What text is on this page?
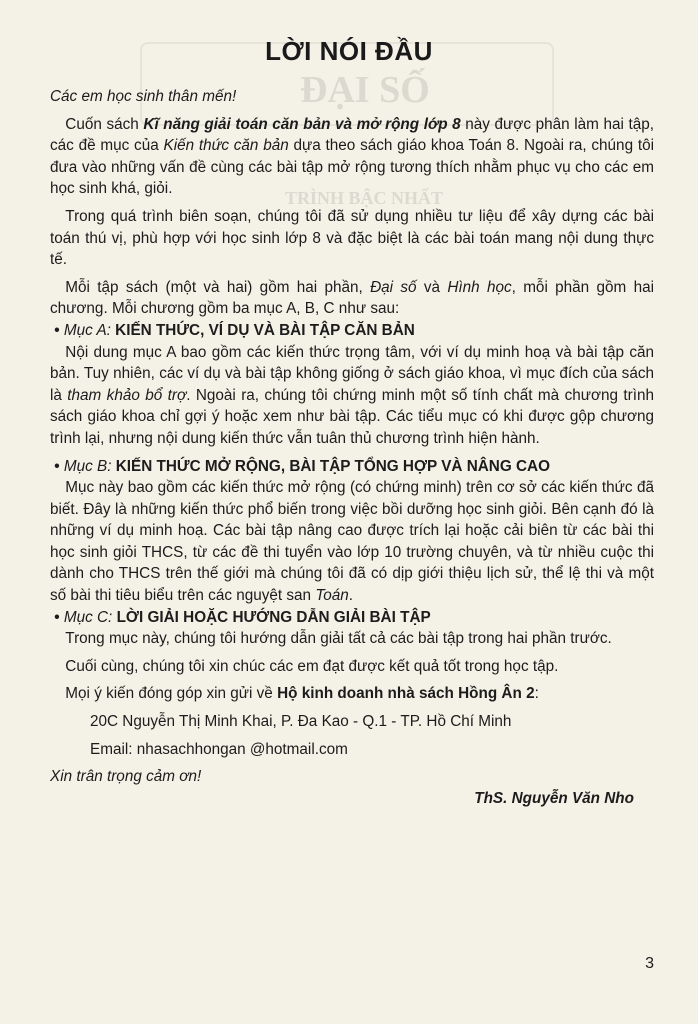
ĐẠI SỐ
TRÌNH BẬC NHẤT
LỜI NÓI ĐẦU

Các em học sinh thân mến!

 Cuốn sách Kĩ năng giải toán căn bản và mở rộng lớp 8 này được phân làm hai tập, các đề mục của Kiến thức căn bản dựa theo sách giáo khoa Toán 8. Ngoài ra, chúng tôi đưa vào những vấn đề cùng các bài tập mở rộng tương thích nhằm phục vụ cho các em học sinh khá, giỏi.

 Trong quá trình biên soạn, chúng tôi đã sử dụng nhiều tư liệu để xây dựng các bài toán thú vị, phù hợp với học sinh lớp 8 và đặc biệt là các bài toán mang nội dung thực tế.

 Mỗi tập sách (một và hai) gồm hai phần, Đại số và Hình học, mỗi phần gồm hai chương. Mỗi chương gồm ba mục A, B, C như sau:

• Mục A: KIẾN THỨC, VÍ DỤ VÀ BÀI TẬP CĂN BẢN

 Nội dung mục A bao gồm các kiến thức trọng tâm, với ví dụ minh hoạ và bài tập căn bản. Tuy nhiên, các ví dụ và bài tập không giống ở sách giáo khoa, vì mục đích của sách là tham khảo bổ trợ. Ngoài ra, chúng tôi chứng minh một số tính chất mà chương trình sách giáo khoa chỉ gợi ý hoặc xem như bài tập. Các tiểu mục có khi được gộp chương trình lại, nhưng nội dung kiến thức vẫn tuân thủ chương trình hiện hành.

• Mục B: KIẾN THỨC MỞ RỘNG, BÀI TẬP TỔNG HỢP VÀ NÂNG CAO

 Mục này bao gồm các kiến thức mở rộng (có chứng minh) trên cơ sở các kiến thức đã biết. Đây là những kiến thức phổ biến trong việc bồi dưỡng học sinh giỏi. Bên cạnh đó là những ví dụ minh hoạ. Các bài tập nâng cao được trích lại hoặc cải biên từ các bài thi học sinh giỏi THCS, từ các đề thi tuyển vào lớp 10 trường chuyên, và từ nhiều cuộc thi dành cho THCS trên thế giới mà chúng tôi đã có dịp giới thiệu lịch sử, thể lệ thi và một số bài thi tiêu biểu trên các nguyệt san Toán.

• Mục C: LỜI GIẢI HOẶC HƯỚNG DẪN GIẢI BÀI TẬP

 Trong mục này, chúng tôi hướng dẫn giải tất cả các bài tập trong hai phần trước.

 Cuối cùng, chúng tôi xin chúc các em đạt được kết quả tốt trong học tập.

 Mọi ý kiến đóng góp xin gửi về Hộ kinh doanh nhà sách Hồng Ân 2:

20C Nguyễn Thị Minh Khai, P. Đa Kao - Q.1 - TP. Hồ Chí Minh

Email: nhasachhongan @hotmail.com

Xin trân trọng cảm ơn!

ThS. Nguyễn Văn Nho

3
